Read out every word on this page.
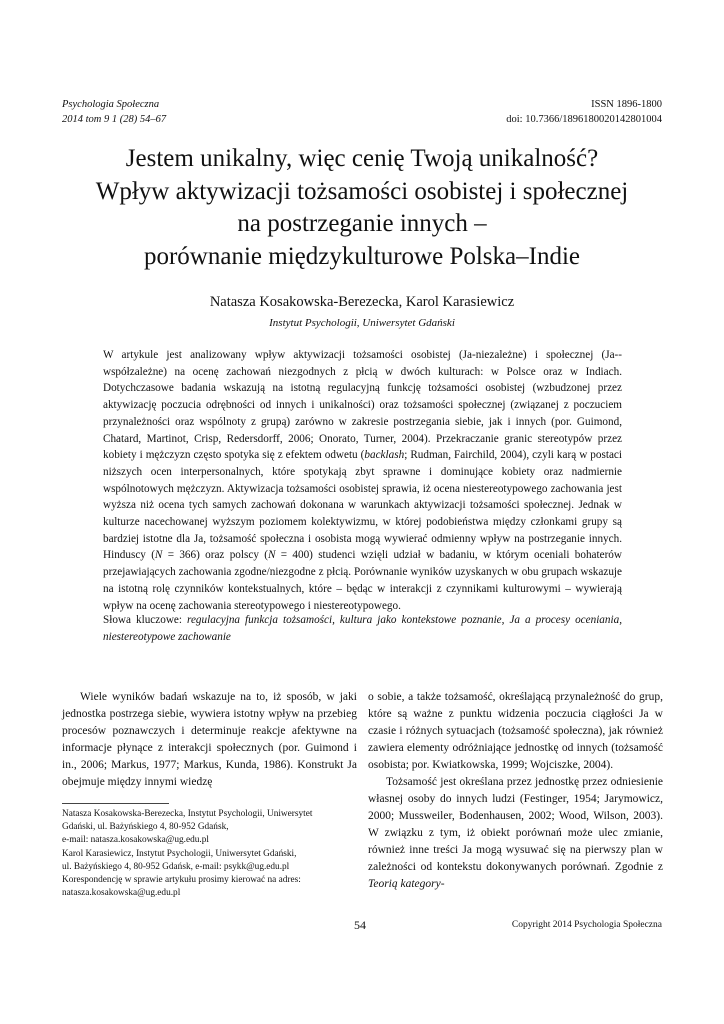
Psychologia Społeczna
2014 tom 9 1 (28) 54–67
ISSN 1896-1800
doi: 10.7366/1896180020142801004
Jestem unikalny, więc cenię Twoją unikalność?
Wpływ aktywizacji tożsamości osobistej i społecznej
na postrzeganie innych –
porównanie międzykulturowe Polska–Indie
Natasza Kosakowska-Berezecka, Karol Karasiewicz
Instytut Psychologii, Uniwersytet Gdański

W artykule jest analizowany wpływ aktywizacji tożsamości osobistej (Ja-niezależne) i społecznej (Ja--współzależne) na ocenę zachowań niezgodnych z płcią w dwóch kulturach: w Polsce oraz w Indiach. Dotychczasowe badania wskazują na istotną regulacyjną funkcję tożsamości osobistej (wzbudzonej przez aktywizację poczucia odrębności od innych i unikalności) oraz tożsamości społecznej (związanej z poczuciem przynależności oraz wspólnoty z grupą) zarówno w zakresie postrzegania siebie, jak i innych (por. Guimond, Chatard, Martinot, Crisp, Redersdorff, 2006; Onorato, Turner, 2004). Przekraczanie granic stereotypów przez kobiety i mężczyzn często spotyka się z efektem odwetu (backlash; Rudman, Fairchild, 2004), czyli karą w postaci niższych ocen interpersonalnych, które spotykają zbyt sprawne i dominujące kobiety oraz nadmiernie wspólnotowych mężczyzn. Aktywizacja tożsamości osobistej sprawia, iż ocena niestereotypowego zachowania jest wyższa niż ocena tych samych zachowań dokonana w warunkach aktywizacji tożsamości społecznej. Jednak w kulturze nacechowanej wyższym poziomem kolektywizmu, w której podobieństwa między członkami grupy są bardziej istotne dla Ja, tożsamość społeczna i osobista mogą wywierać odmienny wpływ na postrzeganie innych. Hinduscy (N = 366) oraz polscy (N = 400) studenci wzięli udział w badaniu, w którym oceniali bohaterów przejawiających zachowania zgodne/niezgodne z płcią. Porównanie wyników uzyskanych w obu grupach wskazuje na istotną rolę czynników kontekstualnych, które – będąc w interakcji z czynnikami kulturowymi – wywierają wpływ na ocenę zachowania stereotypowego i niestereotypowego.

Słowa kluczowe: regulacyjna funkcja tożsamości, kultura jako kontekstowe poznanie, Ja a procesy oceniania, niestereotypowe zachowanie

Wiele wyników badań wskazuje na to, iż sposób, w jaki jednostka postrzega siebie, wywiera istotny wpływ na przebieg procesów poznawczych i determinuje reakcje afektywne na informacje płynące z interakcji społecznych (por. Guimond i in., 2006; Markus, 1977; Markus, Kunda, 1986). Konstrukt Ja obejmuje między innymi wiedzę

o sobie, a także tożsamość, określającą przynależność do grup, które są ważne z punktu widzenia poczucia ciągłości Ja w czasie i różnych sytuacjach (tożsamość społeczna), jak również zawiera elementy odróżniające jednostkę od innych (tożsamość osobista; por. Kwiatkowska, 1999; Wojciszke, 2004).

Tożsamość jest określana przez jednostkę przez odniesienie własnej osoby do innych ludzi (Festinger, 1954; Jarymowicz, 2000; Mussweiler, Bodenhausen, 2002; Wood, Wilson, 2003). W związku z tym, iż obiekt porównań może ulec zmianie, również inne treści Ja mogą wysuwać się na pierwszy plan w zależności od kontekstu dokonywanych porównań. Zgodnie z Teorią kategory-

Natasza Kosakowska-Berezecka, Instytut Psychologii, Uniwersytet
Gdański, ul. Bażyńskiego 4, 80-952 Gdańsk,
e-mail: natasza.kosakowska@ug.edu.pl
Karol Karasiewicz, Instytut Psychologii, Uniwersytet Gdański,
ul. Bażyńskiego 4, 80-952 Gdańsk, e-mail: psykk@ug.edu.pl
Korespondencję w sprawie artykułu prosimy kierować na adres:
natasza.kosakowska@ug.edu.pl
54	Copyright 2014 Psychologia Społeczna
